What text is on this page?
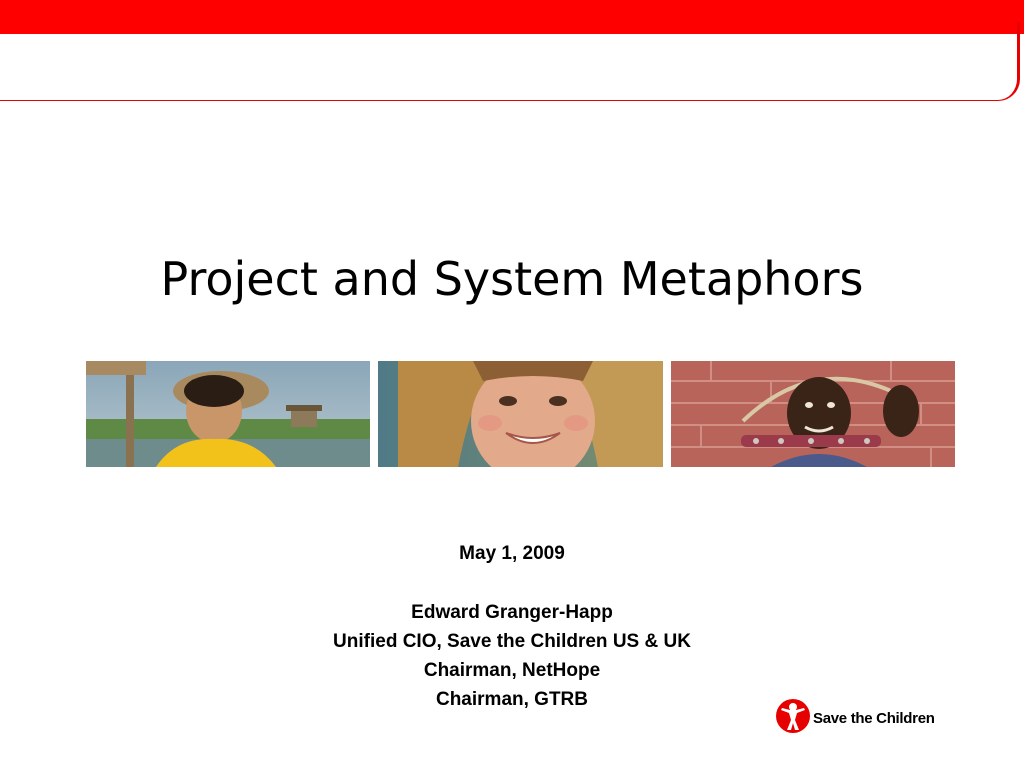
Project and System Metaphors
May 1, 2009
Edward Granger-Happ
Unified CIO, Save the Children US & UK
Chairman, NetHope
Chairman, GTRB
Save the Children
